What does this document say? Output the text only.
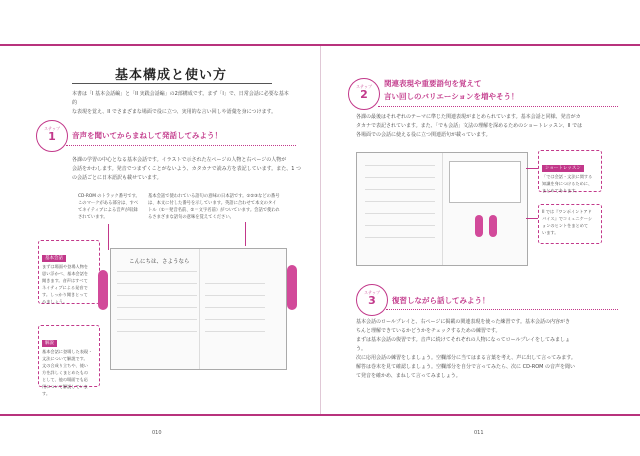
基本構成と使い方
本書は「I 基本会話編」と「II 実践会話編」の2部構成です。まず「I」で、日常会話に必要な基本的
な表現を覚え、II でさまざまな場面で役に立つ、実用的な言い回しや語彙を身につけます。
ステップ
1	音声を聞いてからまねして発話してみよう！
各課の学習の中心となる基本会話です。イラストで示された左ページの人物と右ページの人物が
会話をかわします。発音でつまずくことがないよう、カタカナで読み方を表記しています。また、1 つ
の会話ごとに日本語訳も載せています。
CD-ROM のトラック番号です。
このマークがある部分は、すべ
てネイティブによる音声が収録
されています。
基本会話で使われている語句の意味の日本語です。①②③などの番号
は、本文に付した番号を示しています。英語に合わせて本文のタイ
トル（①＝発音名前、②＝文字名前）がついています。会話で使われ
るさまざまな語句の意味を覚えてください。
基本会話
まずは場面や登場人物を
思い浮かべ、基本会話を
聞きます。音声はすべて
ネイティブによる発音で
す。しっかり聞きとって
みましょう。
解説
基本会話に登場した表現・
文法について解説です。
文の合成り立ちや、使い
方を詳しくまとめたもの
として、他の場面でも応
用について解説しています。
こんにちは、さようなら
010
ステップ
2
関連表現や重要語句を覚えて
言い回しのバリエーションを増やそう！
各課の最後はそれぞれのテーマに準じた関連表現がまとめられています。基本会話と同様、発音がカ
タカナで表記されています。また、「でも会話」文法の理解を深めるためのショートレッスン、II では
各場面での会話に使える役に立つ関連語句が載っています。
ショートレッスン
「では会話・文法に関する
知識を身につけるために、
まとめてあります。
II では『ワンポイントアド
バイス』でコミュニケーシ
ョンのヒントをまとめて
います。
ステップ
3	復習しながら話してみよう！
基本会話のロールプレイと、右ページに掲載の関連表現を使った練習です。基本会話の内容がき
ちんと理解できているかどうかをチェックするための練習です。
まずは基本会話の復習です。音声に続けてそれぞれの人物になってロールプレイをしてみましょ
う。
次に応用会話の練習をしましょう。空欄部分に当てはまる言葉を考え、声に出して言ってみます。
解答は巻末を見て確認しましょう。空欄部分を自分で言ってみたら、次に CD-ROM の音声を聞い
て発音を確かめ、まねして言ってみましょう。
011
